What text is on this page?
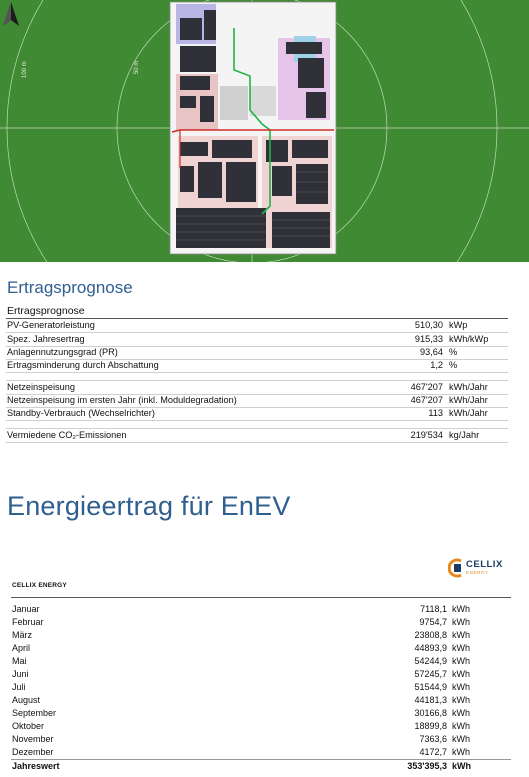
100 m	50 m
Ertragsprognose
Ertragsprognose
PV-Generatorleistung	510,30 kWp
Spez. Jahresertrag	915,33 kWh/kWp
Anlagennutzungsgrad (PR)	93,64 %
Ertragsminderung durch Abschattung	1,2 %
Netzeinspeisung	467'207 kWh/Jahr
Netzeinspeisung im ersten Jahr (inkl. Moduldegradation)	467'207 kWh/Jahr
Standby-Verbrauch (Wechselrichter)	113 kWh/Jahr
Vermiedene CO₂-Emissionen	219'534 kg/Jahr
Energieertrag für EnEV
CELLIX
ENERGY
CELLIX ENERGY
Januar	7118,1 kWh
Februar	9754,7 kWh
März	23808,8 kWh
April	44893,9 kWh
Mai	54244,9 kWh
Juni	57245,7 kWh
Juli	51544,9 kWh
August	44181,3 kWh
September	30166,8 kWh
Oktober	18899,8 kWh
November	7363,6 kWh
Dezember	4172,7 kWh
Jahreswert	353'395,3 kWh
